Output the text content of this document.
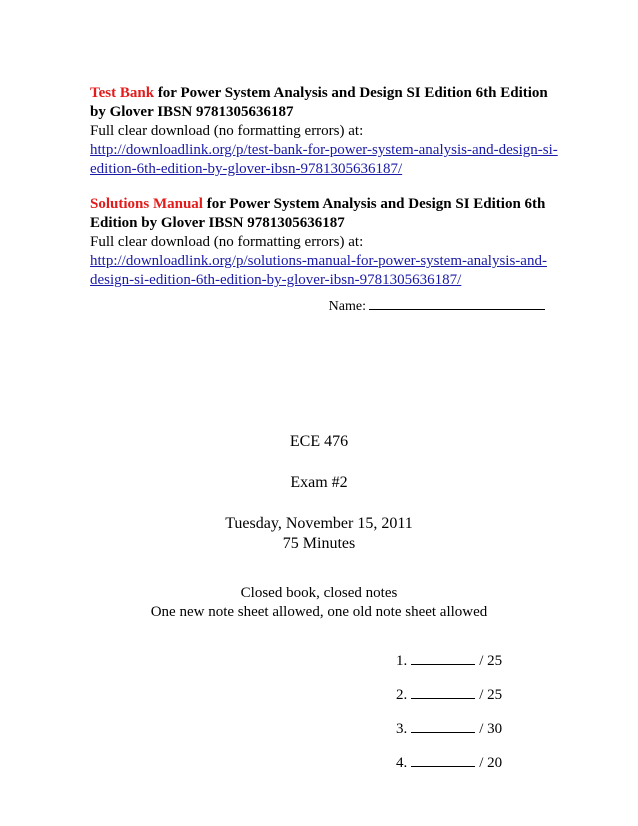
Test Bank for Power System Analysis and Design SI Edition 6th Edition by Glover IBSN 9781305636187
Full clear download (no formatting errors) at:
http://downloadlink.org/p/test-bank-for-power-system-analysis-and-design-si-edition-6th-edition-by-glover-ibsn-9781305636187/
Solutions Manual for Power System Analysis and Design SI Edition 6th Edition by Glover IBSN 9781305636187
Full clear download (no formatting errors) at:
http://downloadlink.org/p/solutions-manual-for-power-system-analysis-and-design-si-edition-6th-edition-by-glover-ibsn-9781305636187/
Name:
ECE 476
Exam #2
Tuesday, November 15, 2011
75 Minutes
Closed book, closed notes
One new note sheet allowed, one old note sheet allowed
1.	/ 25
2.	/ 25
3.	/ 30
4.	/ 20
